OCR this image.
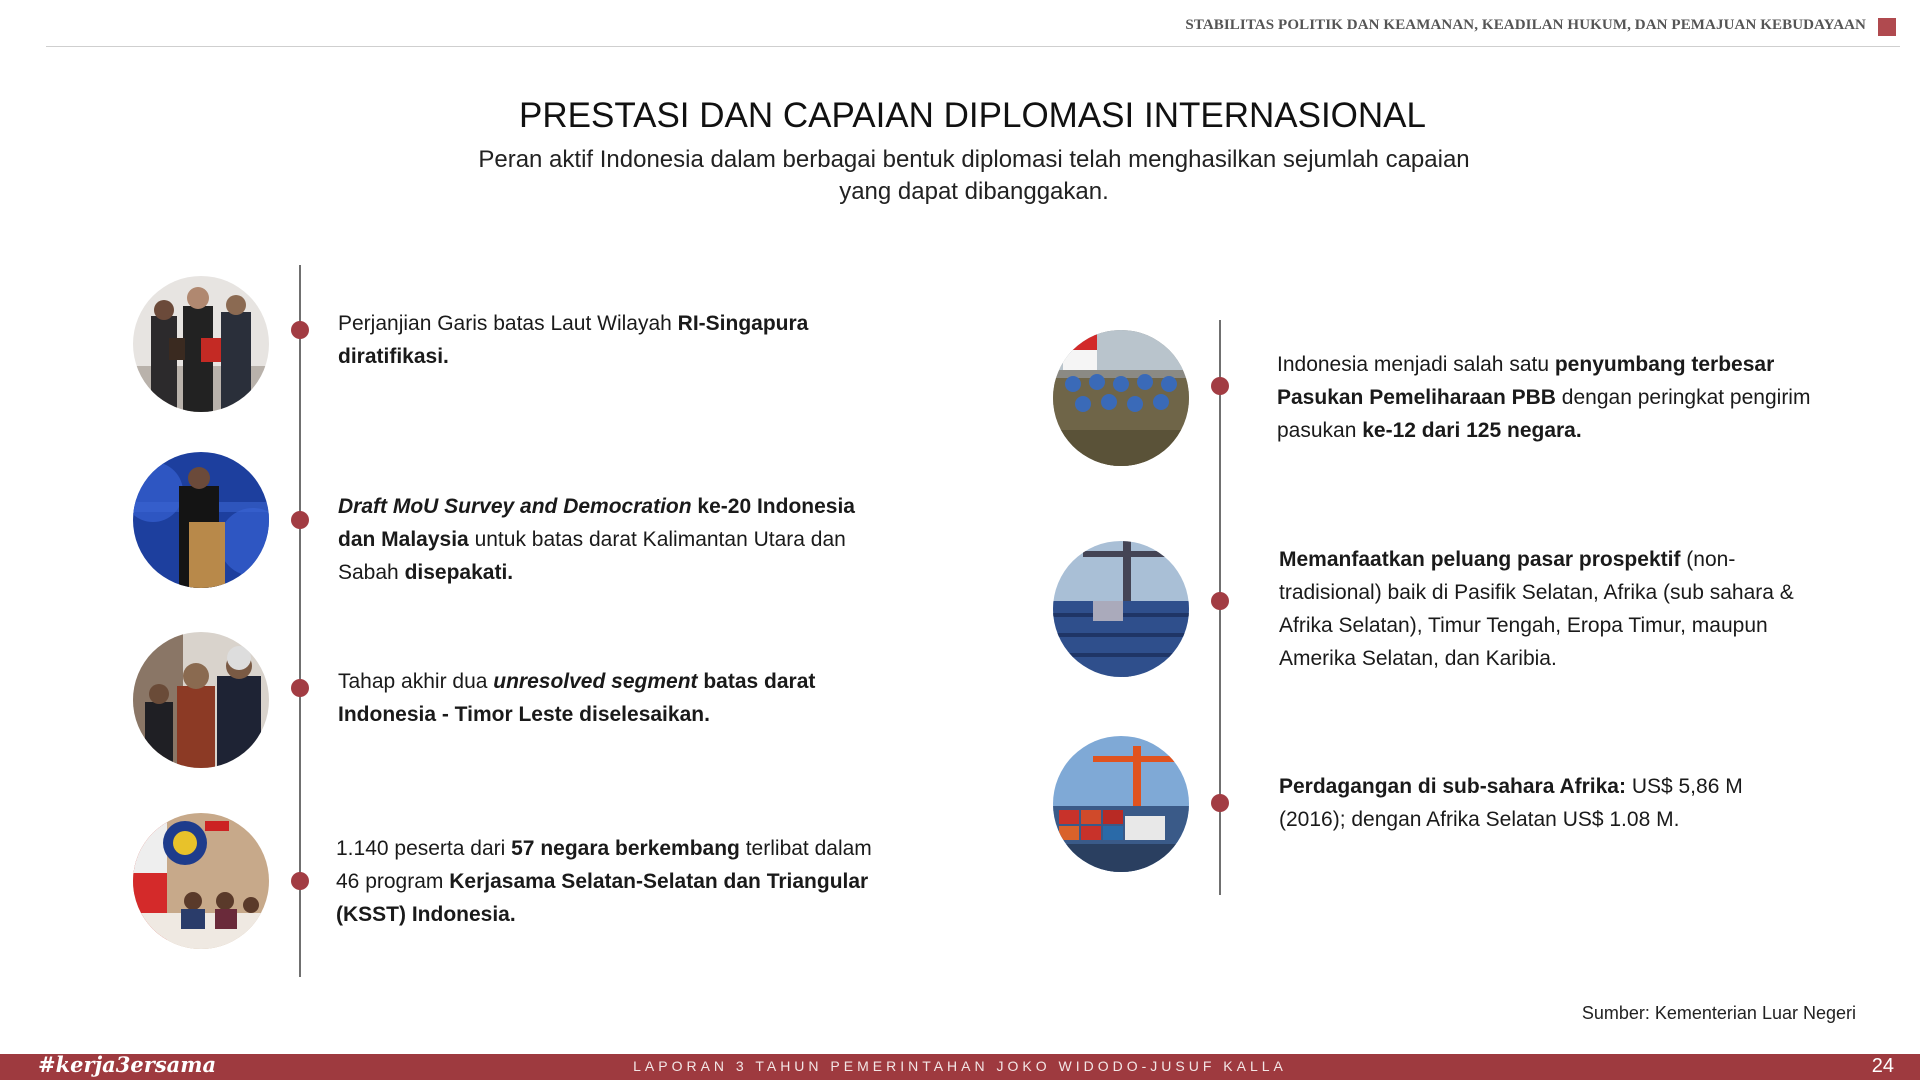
STABILITAS POLITIK DAN KEAMANAN, KEADILAN HUKUM, DAN PEMAJUAN KEBUDAYAAN
PRESTASI DAN CAPAIAN DIPLOMASI INTERNASIONAL
Peran aktif Indonesia dalam berbagai bentuk diplomasi telah menghasilkan sejumlah capaian yang dapat dibanggakan.
Perjanjian Garis batas Laut Wilayah RI-Singapura diratifikasi.
Draft MoU Survey and Democration ke-20 Indonesia dan Malaysia untuk batas darat Kalimantan Utara dan Sabah disepakati.
Tahap akhir dua unresolved segment batas darat Indonesia - Timor Leste diselesaikan.
1.140 peserta dari 57 negara berkembang terlibat dalam 46 program Kerjasama Selatan-Selatan dan Triangular (KSST) Indonesia.
Indonesia menjadi salah satu penyumbang terbesar Pasukan Pemeliharaan PBB dengan peringkat pengirim pasukan ke-12 dari 125 negara.
Memanfaatkan peluang pasar prospektif (non-tradisional) baik di Pasifik Selatan, Afrika (sub sahara & Afrika Selatan), Timur Tengah, Eropa Timur, maupun Amerika Selatan, dan Karibia.
Perdagangan di sub-sahara Afrika: US$ 5,86 M (2016); dengan Afrika Selatan US$ 1.08 M.
Sumber: Kementerian Luar Negeri
#kerja3ersama	LAPORAN 3 TAHUN PEMERINTAHAN JOKO WIDODO-JUSUF KALLA	24
